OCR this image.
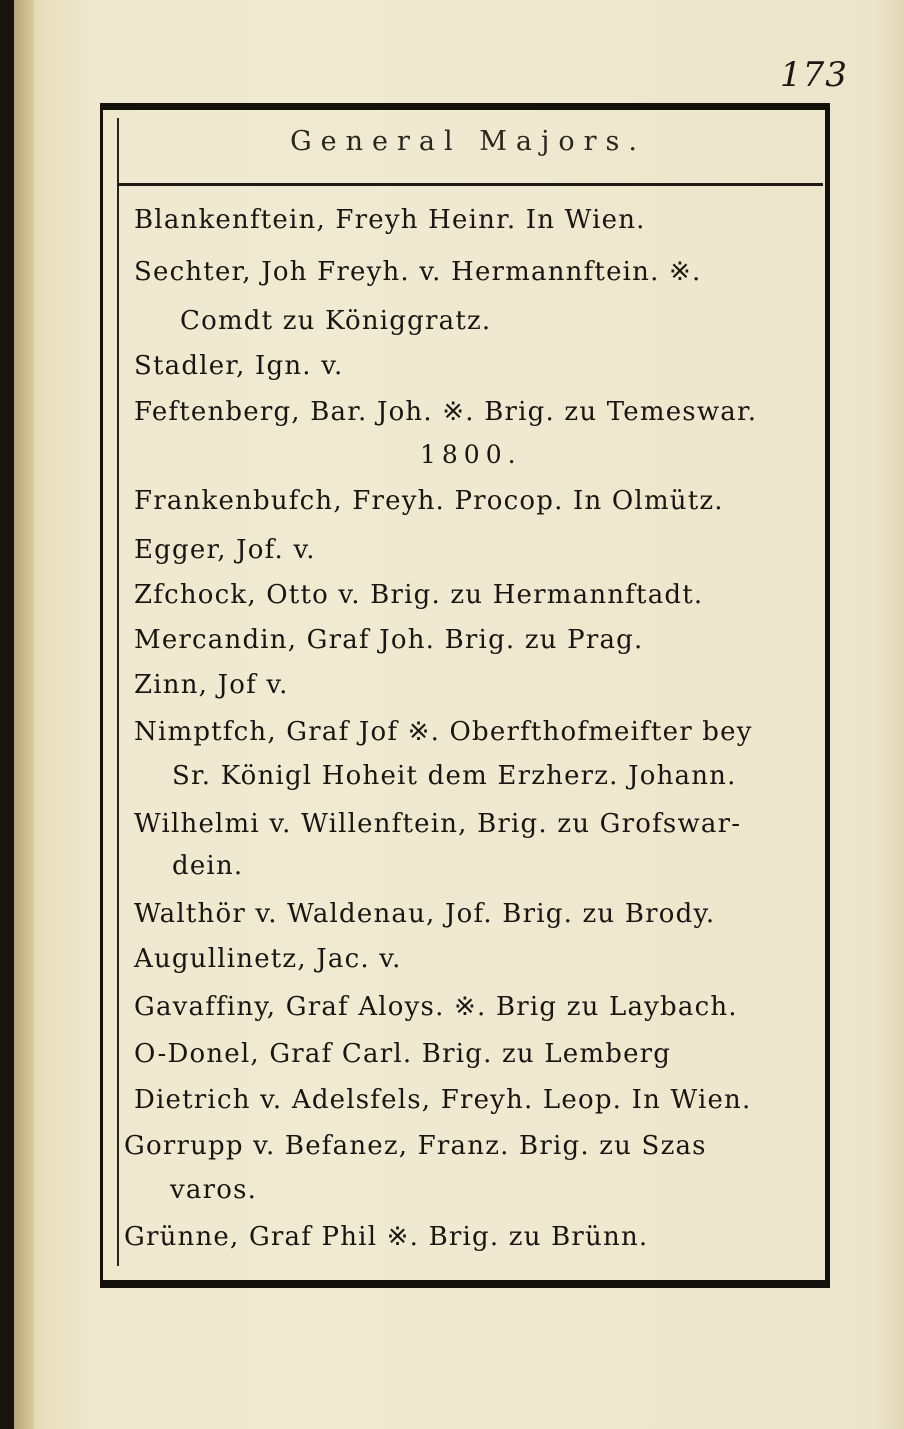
173
General Majors.
Blankenftein, Freyh Heinr. In Wien.
Sechter, Joh Freyh. v. Hermannftein. ※.
Comdt zu Königgratz.
Stadler, Ign. v.
Feftenberg, Bar. Joh. ※. Brig. zu Temeswar.
1800.
Frankenbufch, Freyh. Procop. In Olmütz.
Egger, Jof. v.
Zfchock, Otto v. Brig. zu Hermannftadt.
Mercandin, Graf Joh. Brig. zu Prag.
Zinn, Jof v.
Nimptfch, Graf Jof ※. Oberfthofmeifter bey
Sr. Königl Hoheit dem Erzherz. Johann.
Wilhelmi v. Willenftein, Brig. zu Grofswar-
dein.
Walthör v. Waldenau, Jof. Brig. zu Brody.
Augullinetz, Jac. v.
Gavaffiny, Graf Aloys. ※. Brig zu Laybach.
O-Donel, Graf Carl. Brig. zu Lemberg
Dietrich v. Adelsfels, Freyh. Leop. In Wien.
Gorrupp v. Befanez, Franz. Brig. zu Szas
varos.
Grünne, Graf Phil ※. Brig. zu Brünn.
